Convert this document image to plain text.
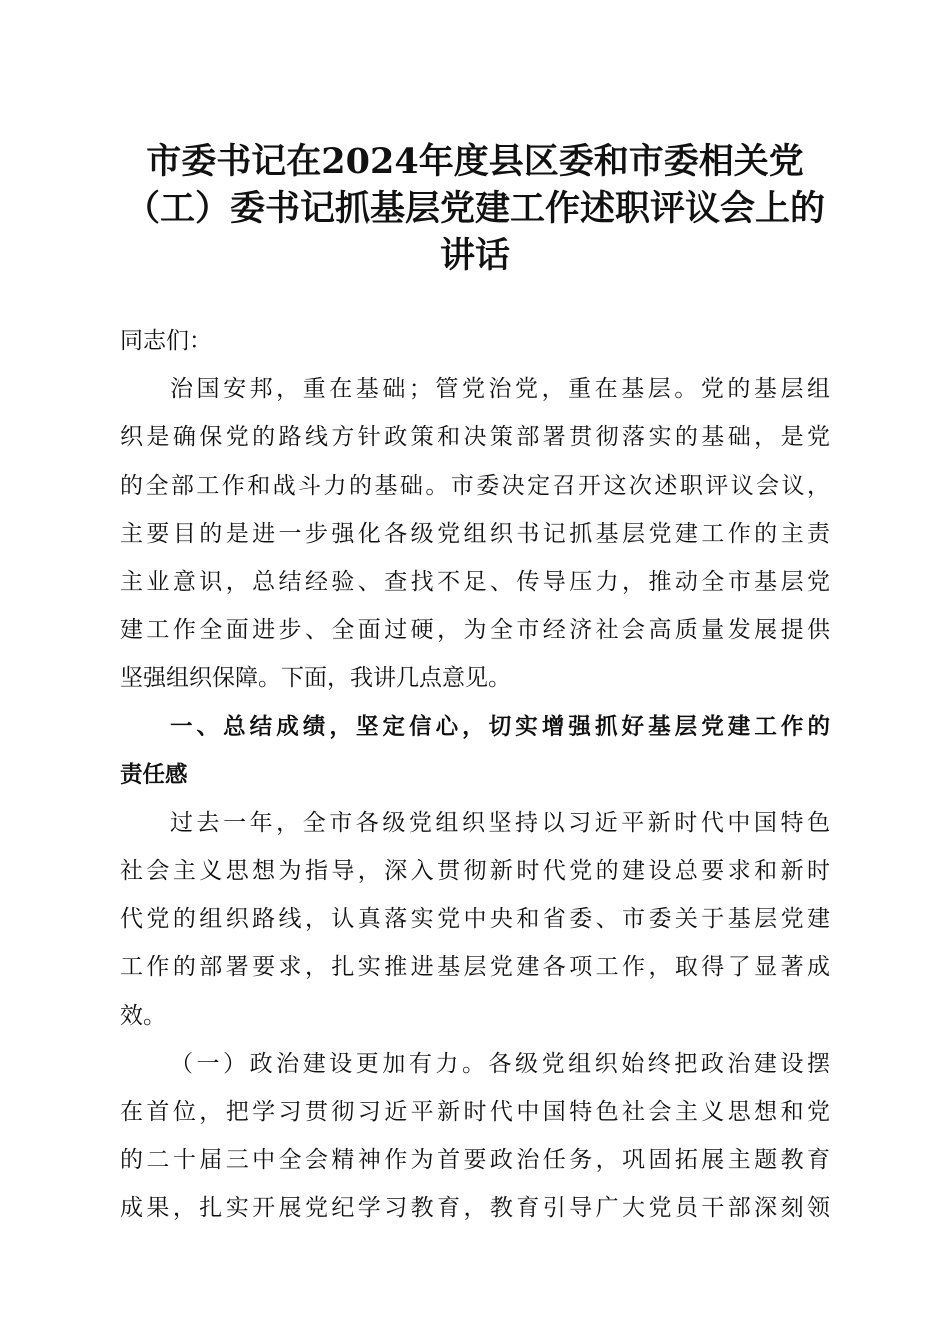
市委书记在2024年度县区委和市委相关党
（工）委书记抓基层党建工作述职评议会上的
讲话
同志们：
治国安邦，重在基础；管党治党，重在基层。党的基层组
织是确保党的路线方针政策和决策部署贯彻落实的基础，是党
的全部工作和战斗力的基础。市委决定召开这次述职评议会议，
主要目的是进一步强化各级党组织书记抓基层党建工作的主责
主业意识，总结经验、查找不足、传导压力，推动全市基层党
建工作全面进步、全面过硬，为全市经济社会高质量发展提供
坚强组织保障。下面，我讲几点意见。
一、总结成绩，坚定信心，切实增强抓好基层党建工作的
责任感
过去一年，全市各级党组织坚持以习近平新时代中国特色
社会主义思想为指导，深入贯彻新时代党的建设总要求和新时
代党的组织路线，认真落实党中央和省委、市委关于基层党建
工作的部署要求，扎实推进基层党建各项工作，取得了显著成
效。
（一）政治建设更加有力。各级党组织始终把政治建设摆
在首位，把学习贯彻习近平新时代中国特色社会主义思想和党
的二十届三中全会精神作为首要政治任务，巩固拓展主题教育
成果，扎实开展党纪学习教育，教育引导广大党员干部深刻领
